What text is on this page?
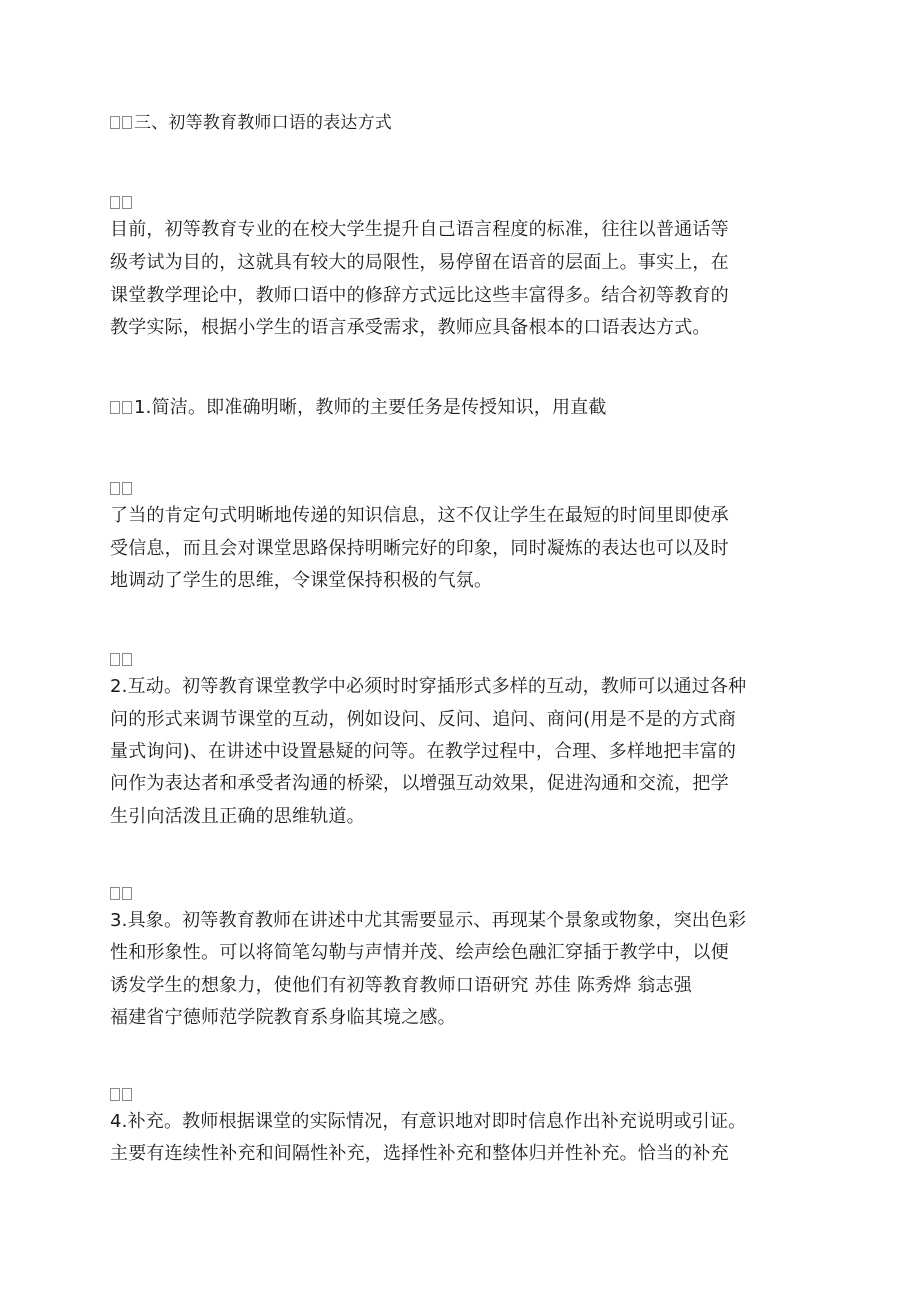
三、初等教育教师口语的表达方式
目前，初等教育专业的在校大学生提升自己语言程度的标准，往往以普通话等
级考试为目的，这就具有较大的局限性，易停留在语音的层面上。事实上，在
课堂教学理论中，教师口语中的修辞方式远比这些丰富得多。结合初等教育的
教学实际，根据小学生的语言承受需求，教师应具备根本的口语表达方式。
1.简洁。即准确明晰，教师的主要任务是传授知识，用直截
了当的肯定句式明晰地传递的知识信息，这不仅让学生在最短的时间里即使承
受信息，而且会对课堂思路保持明晰完好的印象，同时凝炼的表达也可以及时
地调动了学生的思维，令课堂保持积极的气氛。
2.互动。初等教育课堂教学中必须时时穿插形式多样的互动，教师可以通过各种
问的形式来调节课堂的互动，例如设问、反问、追问、商问(用是不是的方式商
量式询问)、在讲述中设置悬疑的问等。在教学过程中，合理、多样地把丰富的
问作为表达者和承受者沟通的桥梁，以增强互动效果，促进沟通和交流，把学
生引向活泼且正确的思维轨道。
3.具象。初等教育教师在讲述中尤其需要显示、再现某个景象或物象，突出色彩
性和形象性。可以将简笔勾勒与声情并茂、绘声绘色融汇穿插于教学中，以便
诱发学生的想象力，使他们有初等教育教师口语研究 苏佳 陈秀烨 翁志强
福建省宁德师范学院教育系身临其境之感。
4.补充。教师根据课堂的实际情况，有意识地对即时信息作出补充说明或引证。
主要有连续性补充和间隔性补充，选择性补充和整体归并性补充。恰当的补充
